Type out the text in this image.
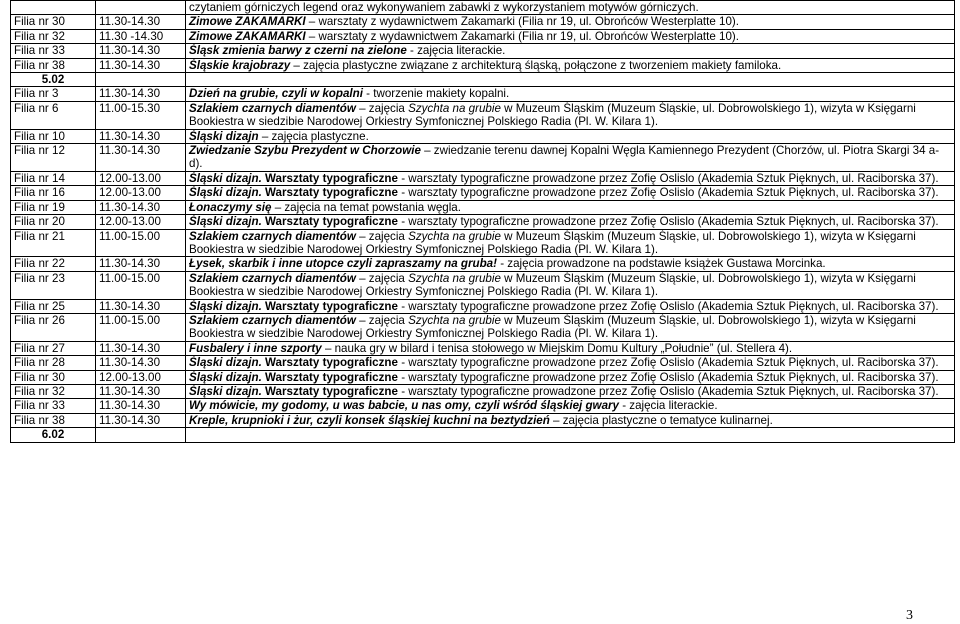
		czytaniem górniczych legend oraz wykonywaniem zabawki z wykorzystaniem motywów górniczych.
Filia nr 30	11.30-14.30	Zimowe ZAKAMARKI – warsztaty z wydawnictwem Zakamarki (Filia nr 19, ul. Obrońców Westerplatte 10).
Filia nr 32	11.30 -14.30	Zimowe ZAKAMARKI – warsztaty z wydawnictwem Zakamarki (Filia nr 19, ul. Obrońców Westerplatte 10).
Filia nr 33	11.30-14.30	Śląsk zmienia barwy z czerni na zielone - zajęcia literackie.
Filia nr 38	11.30-14.30	Śląskie krajobrazy – zajęcia plastyczne związane z architekturą śląską, połączone z tworzeniem makiety familoka.
5.02		
Filia nr 3	11.30-14.30	Dzień na grubie, czyli w kopalni - tworzenie makiety kopalni.
Filia nr 6	11.00-15.30	Szlakiem czarnych diamentów – zajęcia Szychta na grubie w Muzeum Śląskim (Muzeum Śląskie, ul. Dobrowolskiego 1), wizyta w Księgarni Bookiestra w siedzibie Narodowej Orkiestry Symfonicznej Polskiego Radia (Pl. W. Kilara 1).
Filia nr 10	11.30-14.30	Śląski dizajn – zajęcia plastyczne.
Filia nr 12	11.30-14.30	Zwiedzanie Szybu Prezydent w Chorzowie – zwiedzanie terenu dawnej Kopalni Węgla Kamiennego Prezydent (Chorzów, ul. Piotra Skargi 34 a-d).
Filia nr 14	12.00-13.00	Śląski dizajn. Warsztaty typograficzne - warsztaty typograficzne prowadzone przez Zofię Oslislo (Akademia Sztuk Pięknych, ul. Raciborska 37).
Filia nr 16	12.00-13.00	Śląski dizajn. Warsztaty typograficzne - warsztaty typograficzne prowadzone przez Zofię Oslislo (Akademia Sztuk Pięknych, ul. Raciborska 37).
Filia nr 19	11.30-14.30	Łonaczymy się – zajęcia na temat powstania węgla.
Filia nr 20	12.00-13.00	Śląski dizajn. Warsztaty typograficzne - warsztaty typograficzne prowadzone przez Zofię Oslislo (Akademia Sztuk Pięknych, ul. Raciborska 37).
Filia nr 21	11.00-15.00	Szlakiem czarnych diamentów – zajęcia Szychta na grubie w Muzeum Śląskim (Muzeum Śląskie, ul. Dobrowolskiego 1), wizyta w Księgarni Bookiestra w siedzibie Narodowej Orkiestry Symfonicznej Polskiego Radia (Pl. W. Kilara 1).
Filia nr 22	11.30-14.30	Łysek, skarbik i inne utopce czyli zapraszamy na gruba! - zajęcia prowadzone na podstawie książek Gustawa Morcinka.
Filia nr 23	11.00-15.00	Szlakiem czarnych diamentów – zajęcia Szychta na grubie w Muzeum Śląskim (Muzeum Śląskie, ul. Dobrowolskiego 1), wizyta w Księgarni Bookiestra w siedzibie Narodowej Orkiestry Symfonicznej Polskiego Radia (Pl. W. Kilara 1).
Filia nr 25	11.30-14.30	Śląski dizajn. Warsztaty typograficzne - warsztaty typograficzne prowadzone przez Zofię Oslislo (Akademia Sztuk Pięknych, ul. Raciborska 37).
Filia nr 26	11.00-15.00	Szlakiem czarnych diamentów – zajęcia Szychta na grubie w Muzeum Śląskim (Muzeum Śląskie, ul. Dobrowolskiego 1), wizyta w Księgarni Bookiestra w siedzibie Narodowej Orkiestry Symfonicznej Polskiego Radia (Pl. W. Kilara 1).
Filia nr 27	11.30-14.30	Fusbalery i inne szporty – nauka gry w bilard i tenisa stołowego w Miejskim Domu Kultury „Południe” (ul. Stellera 4).
Filia nr 28	11.30-14.30	Śląski dizajn. Warsztaty typograficzne - warsztaty typograficzne prowadzone przez Zofię Oslislo (Akademia Sztuk Pięknych, ul. Raciborska 37).
Filia nr 30	12.00-13.00	Śląski dizajn. Warsztaty typograficzne - warsztaty typograficzne prowadzone przez Zofię Oslislo (Akademia Sztuk Pięknych, ul. Raciborska 37).
Filia nr 32	11.30-14.30	Śląski dizajn. Warsztaty typograficzne - warsztaty typograficzne prowadzone przez Zofię Oslislo (Akademia Sztuk Pięknych, ul. Raciborska 37).
Filia nr 33	11.30-14.30	Wy mówicie, my godomy, u was babcie, u nas omy, czyli wśród śląskiej gwary - zajęcia literackie.
Filia nr 38	11.30-14.30	Kreple, krupnioki i żur, czyli konsek śląskiej kuchni na beztydzień – zajęcia plastyczne o tematyce kulinarnej.
6.02		
3
